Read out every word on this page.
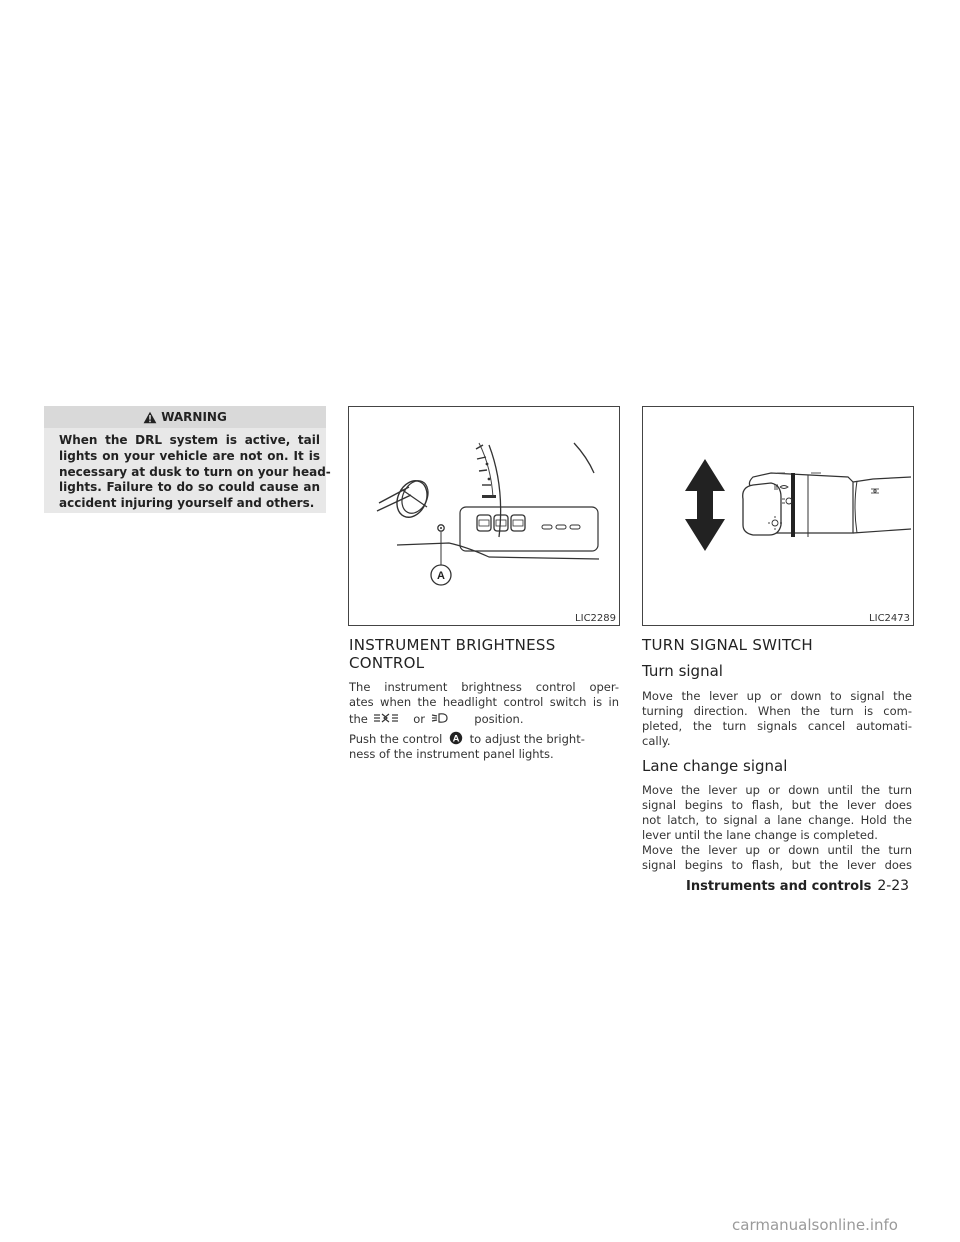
WARNING
When the DRL system is active, tail
lights on your vehicle are not on. It is
necessary at dusk to turn on your head-
lights. Failure to do so could cause an
accident injuring yourself and others.
A
LIC2289	LIC2473
INSTRUMENT BRIGHTNESS
CONTROL
The instrument brightness control oper-
ates when the headlight control switch is in
the	or	position.
Push the control A to adjust the bright-
ness of the instrument panel lights.
TURN SIGNAL SWITCH
Turn signal
Move the lever up or down to signal the
turning direction. When the turn is com-
pleted, the turn signals cancel automati-
cally.
Lane change signal
Move the lever up or down until the turn
signal begins to flash, but the lever does
not latch, to signal a lane change. Hold the
lever until the lane change is completed.
Move the lever up or down until the turn
signal begins to flash, but the lever does
Instruments and controls 2-23
carmanualsonline.info
